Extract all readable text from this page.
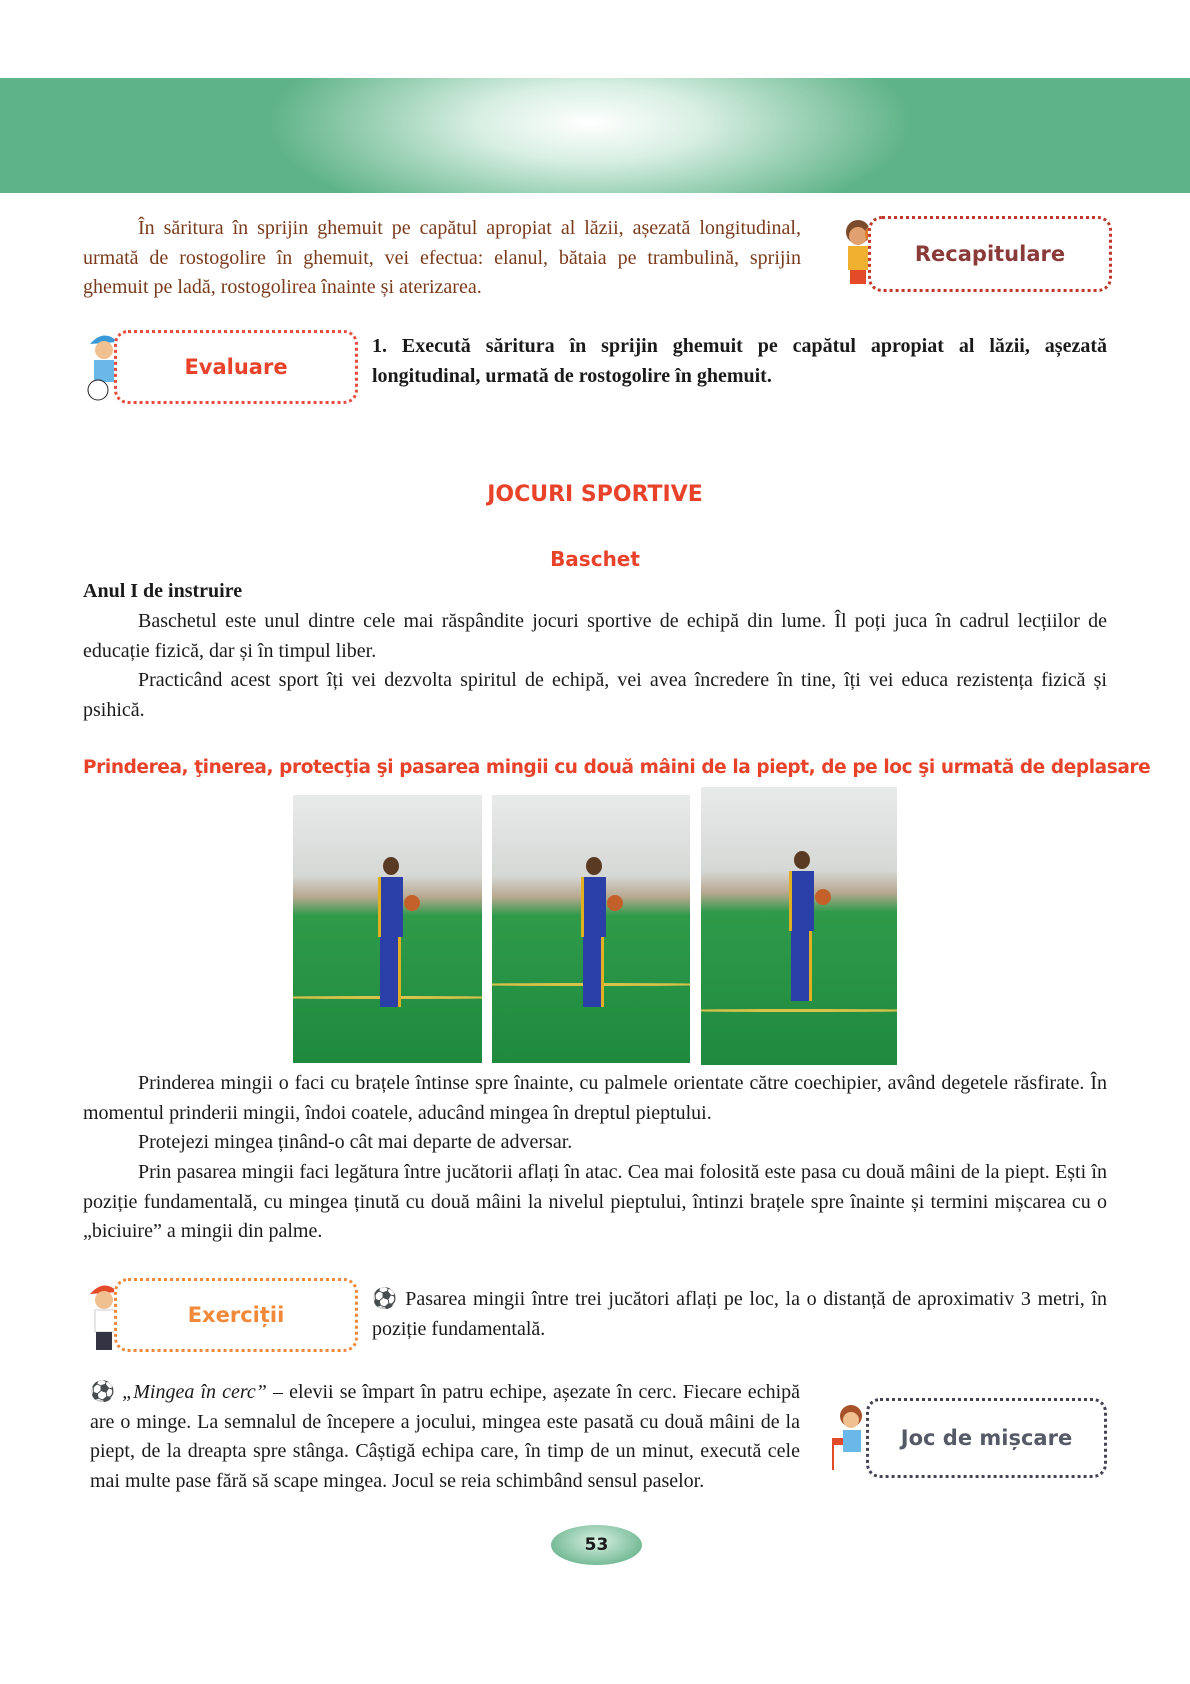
În săritura în sprijin ghemuit pe capătul apropiat al lăzii, așezată longitudinal, urmată de rostogolire în ghemuit, vei efectua: elanul, bătaia pe trambulină, sprijin ghemuit pe ladă, rostogolirea înainte și aterizarea.
Recapitulare
Evaluare
1. Execută săritura în sprijin ghemuit pe capătul apropiat al lăzii, așezată longitudinal, urmată de rostogolire în ghemuit.
JOCURI SPORTIVE
Baschet
Anul I de instruire
Baschetul este unul dintre cele mai răspândite jocuri sportive de echipă din lume. Îl poți juca în cadrul lecțiilor de educație fizică, dar și în timpul liber.
Practicând acest sport îți vei dezvolta spiritul de echipă, vei avea încredere în tine, îți vei educa rezistența fizică și psihică.
Prinderea, ţinerea, protecţia şi pasarea mingii cu două mâini de la piept, de pe loc şi urmată de deplasare
Prinderea mingii o faci cu brațele întinse spre înainte, cu palmele orientate către coechipier, având degetele răsfirate. În momentul prinderii mingii, îndoi coatele, aducând mingea în dreptul pieptului.
Protejezi mingea ținând-o cât mai departe de adversar.
Prin pasarea mingii faci legătura între jucătorii aflați în atac. Cea mai folosită este pasa cu două mâini de la piept. Ești în poziție fundamentală, cu mingea ținută cu două mâini la nivelul pieptului, întinzi brațele spre înainte și termini mișcarea cu o „biciuire” a mingii din palme.
Exerciții
⚽ Pasarea mingii între trei jucători aflați pe loc, la o distanță de aproximativ 3 metri, în poziție fundamentală.
⚽ „Mingea în cerc” – elevii se împart în patru echipe, așezate în cerc. Fiecare echipă are o minge. La semnalul de începere a jocului, mingea este pasată cu două mâini de la piept, de la dreapta spre stânga. Câștigă echipa care, în timp de un minut, execută cele mai multe pase fără să scape mingea. Jocul se reia schimbând sensul paselor.
Joc de mișcare
53
